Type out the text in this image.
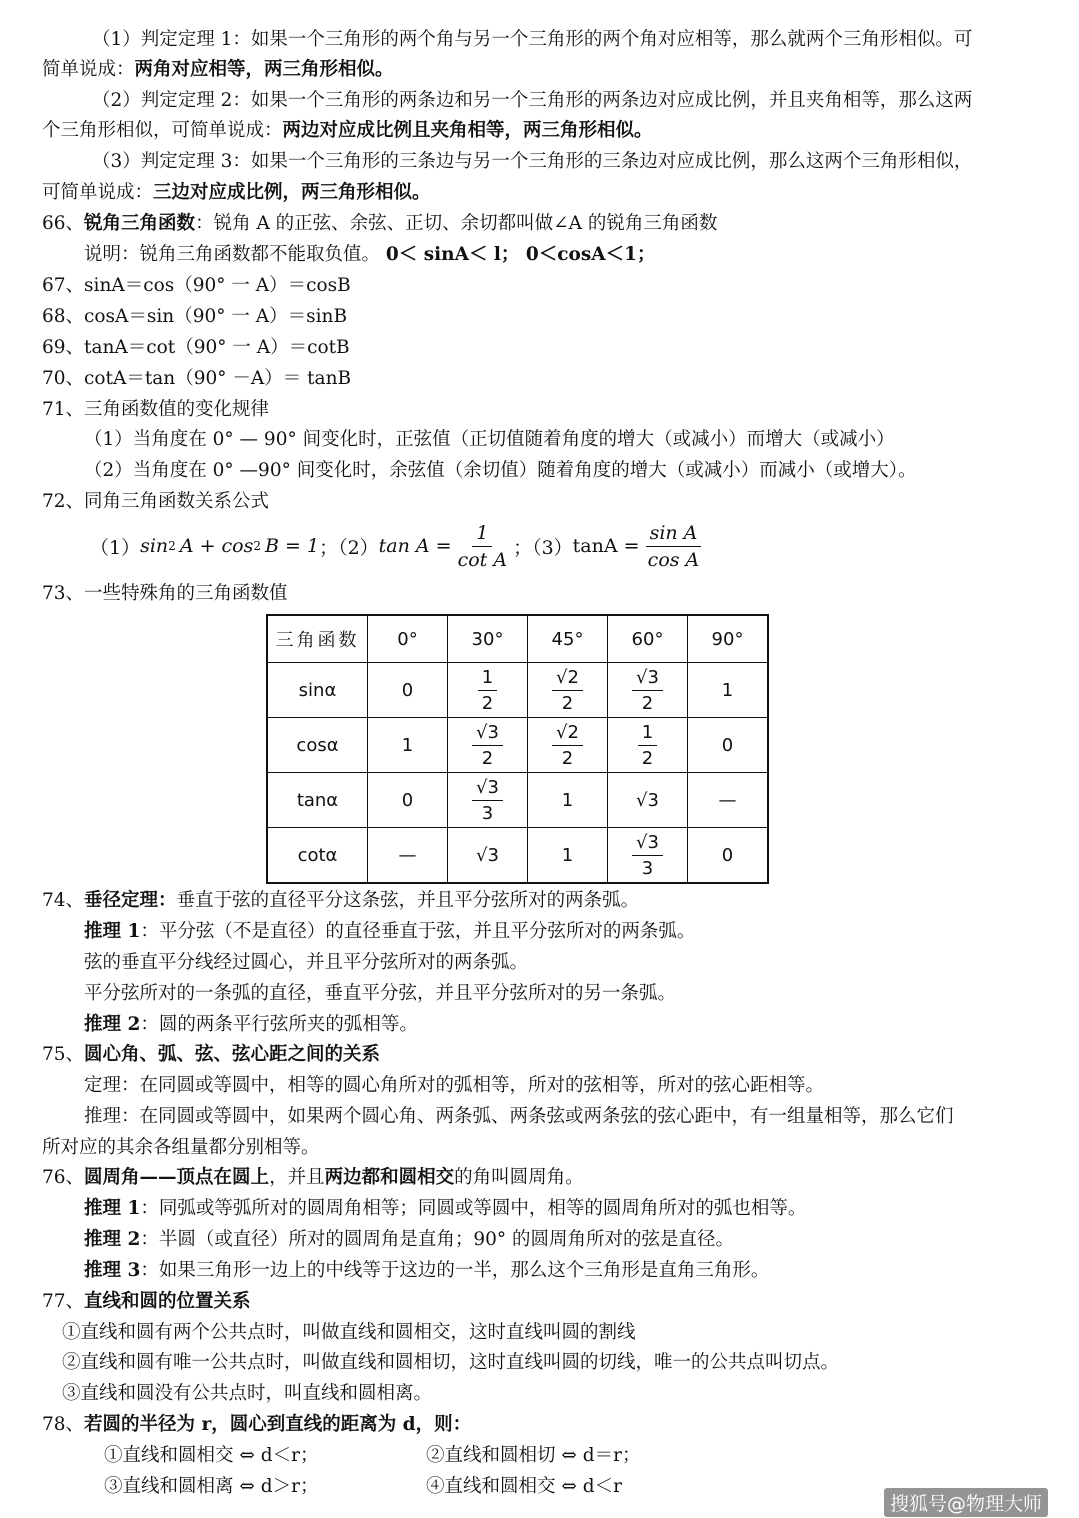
（1）判定定理 1：如果一个三角形的两个角与另一个三角形的两个角对应相等，那么就两个三角形相似。可
简单说成：两角对应相等，两三角形相似。
（2）判定定理 2：如果一个三角形的两条边和另一个三角形的两条边对应成比例，并且夹角相等，那么这两
个三角形相似，可简单说成：两边对应成比例且夹角相等，两三角形相似。
（3）判定定理 3：如果一个三角形的三条边与另一个三角形的三条边对应成比例，那么这两个三角形相似，
可简单说成：三边对应成比例，两三角形相似。
66、锐角三角函数：锐角 A 的正弦、余弦、正切、余切都叫做∠A 的锐角三角函数
说明：锐角三角函数都不能取负值。 0＜ sinA＜ l； 0＜cosA＜1；
67、sinA＝cos（90° 一 A）＝cosB
68、cosA＝sin（90° 一 A）＝sinB
69、tanA＝cot（90° 一 A）＝cotB
70、cotA＝tan（90° －A）＝ tanB
71、三角函数值的变化规律
（1）当角度在 0° — 90° 间变化时，正弦值（正切值随着角度的增大（或减小）而增大（或减小）
（2）当角度在 0° —90° 间变化时，余弦值（余切值）随着角度的增大（或减小）而减小（或增大）。
72、同角三角函数关系公式
73、一些特殊角的三角函数值
74、垂径定理：垂直于弦的直径平分这条弦，并且平分弦所对的两条弧。
推理 1：平分弦（不是直径）的直径垂直于弦，并且平分弦所对的两条弧。
弦的垂直平分线经过圆心，并且平分弦所对的两条弧。
平分弦所对的一条弧的直径，垂直平分弦，并且平分弦所对的另一条弧。
推理 2：圆的两条平行弦所夹的弧相等。
75、圆心角、弧、弦、弦心距之间的关系
定理：在同圆或等圆中，相等的圆心角所对的弧相等，所对的弦相等，所对的弦心距相等。
推理：在同圆或等圆中，如果两个圆心角、两条弧、两条弦或两条弦的弦心距中，有一组量相等，那么它们
所对应的其余各组量都分别相等。
76、圆周角——顶点在圆上，并且两边都和圆相交的角叫圆周角。
推理 1：同弧或等弧所对的圆周角相等；同圆或等圆中，相等的圆周角所对的弧也相等。
推理 2：半圆（或直径）所对的圆周角是直角；90° 的圆周角所对的弦是直径。
推理 3：如果三角形一边上的中线等于这边的一半，那么这个三角形是直角三角形。
77、直线和圆的位置关系
①直线和圆有两个公共点时，叫做直线和圆相交，这时直线叫圆的割线
②直线和圆有唯一公共点时，叫做直线和圆相切，这时直线叫圆的切线，唯一的公共点叫切点。
③直线和圆没有公共点时，叫直线和圆相离。
78、若圆的半径为 r，圆心到直线的距离为 d，则：
①直线和圆相交 ⇔ d＜r；
③直线和圆相离 ⇔ d＞r；
②直线和圆相切 ⇔ d＝r；
④直线和圆相交 ⇔ d＜r
（1） sin 2 A + cos 2 B = 1 ；（2） $\tan A = \frac{1}{\text{cot A}}$ ；（3） $\tan A = \frac{\text{sin A}}{\text{cos A}}$
三角函数	0°	30°	45°	60°	90°
sinα	0	$\frac{1}{2}$	$\frac{√2}{2}$	$\frac{√3}{2}$	1
cosα	1	$\frac{√3}{2}$	$\frac{√2}{2}$	$\frac{1}{2}$	0
tanα	0	$\frac{√3}{3}$	1	√3	—
cotα	—	√3	1	$\frac{√3}{3}$	0
搜狐号@物理大师
